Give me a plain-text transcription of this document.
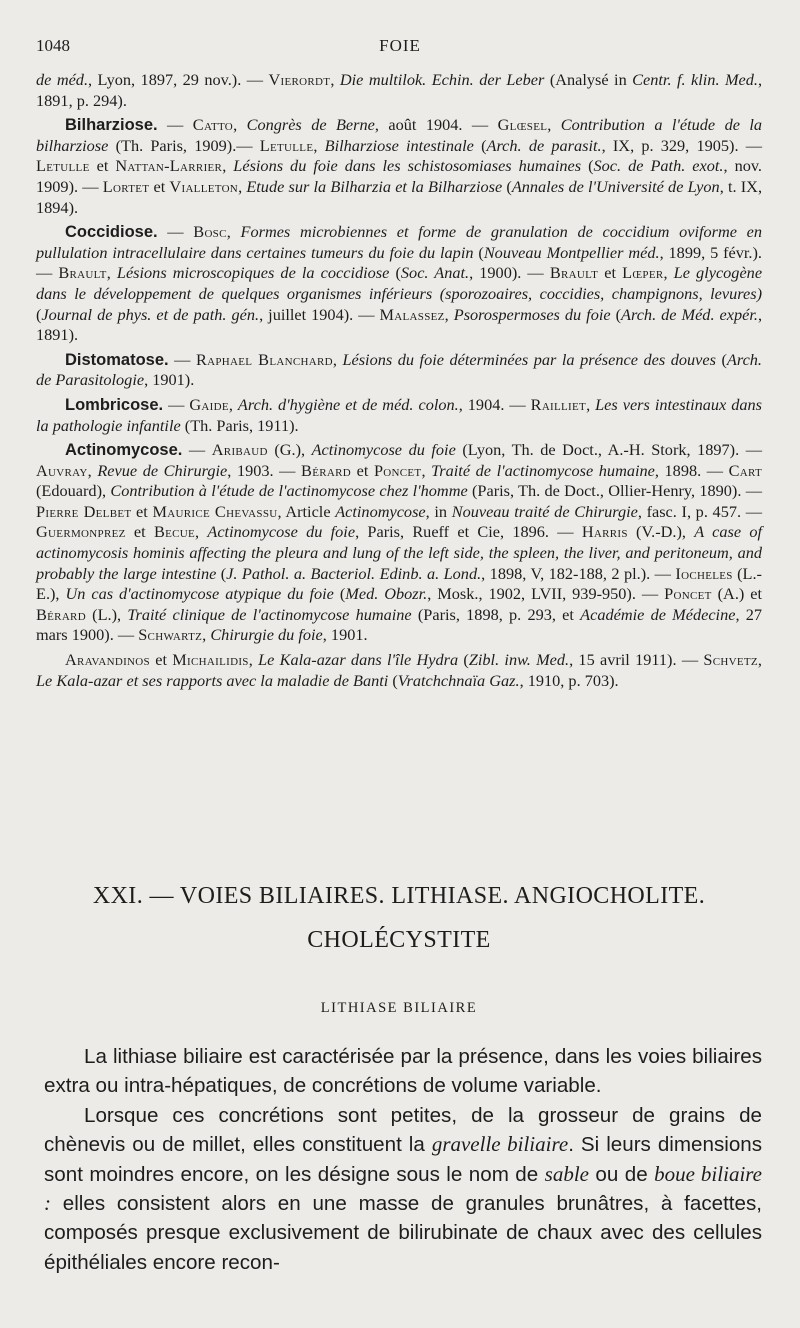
1048	FOIE

de méd., Lyon, 1897, 29 nov.). — Vierordt, Die multilok. Echin. der Leber (Analysé in Centr. f. klin. Med., 1891, p. 294).

Bilharziose. — Catto, Congrès de Berne, août 1904. — Glœsel, Contribution a l'étude de la bilharziose (Th. Paris, 1909).— Letulle, Bilharziose intestinale (Arch. de parasit., IX, p. 329, 1905). — Letulle et Nattan-Larrier, Lésions du foie dans les schistosomiases humaines (Soc. de Path. exot., nov. 1909). — Lortet et Vialleton, Etude sur la Bilharzia et la Bilharziose (Annales de l'Université de Lyon, t. IX, 1894).

Coccidiose. — Bosc, Formes microbiennes et forme de granulation de coccidium oviforme en pullulation intracellulaire dans certaines tumeurs du foie du lapin (Nouveau Montpellier méd., 1899, 5 févr.). — Brault, Lésions microscopiques de la coccidiose (Soc. Anat., 1900). — Brault et Lœper, Le glycogène dans le développement de quelques organismes inférieurs (sporozoaires, coccidies, champignons, levures) (Journal de phys. et de path. gén., juillet 1904). — Malassez, Psorospermoses du foie (Arch. de Méd. expér., 1891).

Distomatose. — Raphael Blanchard, Lésions du foie déterminées par la présence des douves (Arch. de Parasitologie, 1901).

Lombricose. — Gaide, Arch. d'hygiène et de méd. colon., 1904. — Railliet, Les vers intestinaux dans la pathologie infantile (Th. Paris, 1911).

Actinomycose. — Aribaud (G.), Actinomycose du foie (Lyon, Th. de Doct., A.-H. Stork, 1897). — Auvray, Revue de Chirurgie, 1903. — Bérard et Poncet, Traité de l'actinomycose humaine, 1898. — Cart (Edouard), Contribution à l'étude de l'actinomycose chez l'homme (Paris, Th. de Doct., Ollier-Henry, 1890). — Pierre Delbet et Maurice Chevassu, Article Actinomycose, in Nouveau traité de Chirurgie, fasc. I, p. 457. — Guermonprez et Becue, Actinomycose du foie, Paris, Rueff et Cie, 1896. — Harris (V.-D.), A case of actinomycosis hominis affecting the pleura and lung of the left side, the spleen, the liver, and peritoneum, and probably the large intestine (J. Pathol. a. Bacteriol. Edinb. a. Lond., 1898, V, 182-188, 2 pl.). — Iocheles (L.-E.), Un cas d'actinomycose atypique du foie (Med. Obozr., Mosk., 1902, LVII, 939-950). — Poncet (A.) et Bérard (L.), Traité clinique de l'actinomycose humaine (Paris, 1898, p. 293, et Académie de Médecine, 27 mars 1900). — Schwartz, Chirurgie du foie, 1901.

Aravandinos et Michailidis, Le Kala-azar dans l'île Hydra (Zibl. inw. Med., 15 avril 1911). — Schvetz, Le Kala-azar et ses rapports avec la maladie de Banti (Vratchchnaïa Gaz., 1910, p. 703).

XXI. — VOIES BILIAIRES. LITHIASE. ANGIOCHOLITE.
CHOLÉCYSTITE
LITHIASE BILIAIRE

La lithiase biliaire est caractérisée par la présence, dans les voies biliaires extra ou intra-hépatiques, de concrétions de volume variable.

Lorsque ces concrétions sont petites, de la grosseur de grains de chènevis ou de millet, elles constituent la gravelle biliaire. Si leurs dimensions sont moindres encore, on les désigne sous le nom de sable ou de boue biliaire : elles consistent alors en une masse de granules brunâtres, à facettes, composés presque exclusivement de bilirubinate de chaux avec des cellules épithéliales encore recon-
